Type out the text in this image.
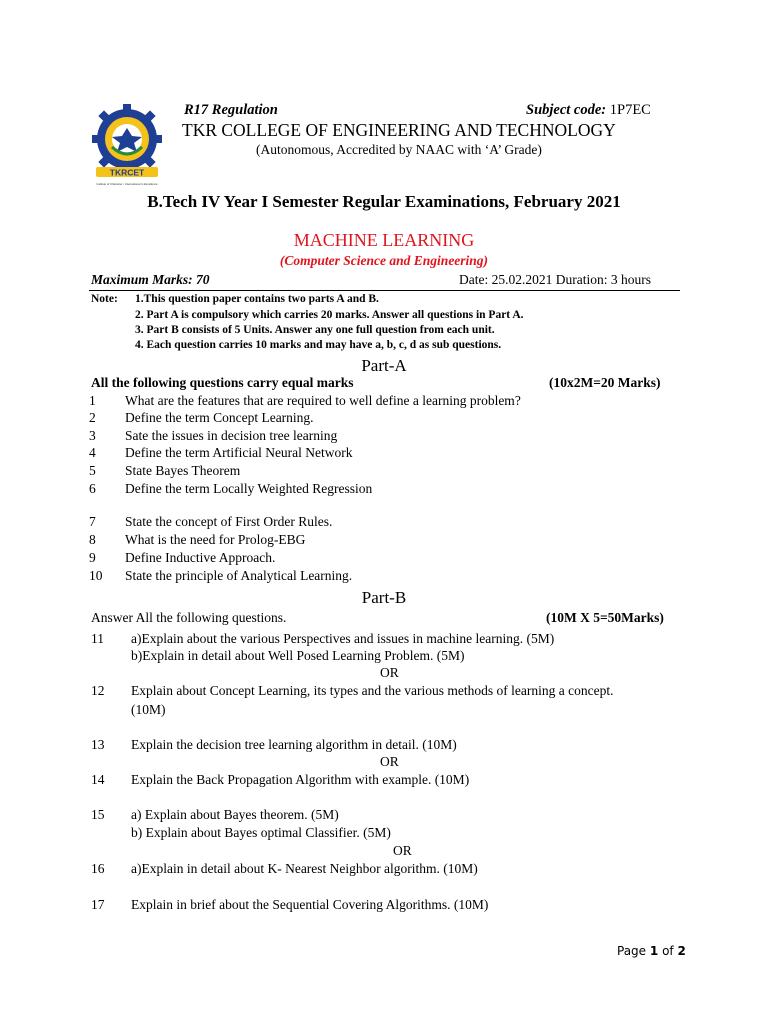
TKRCET
Institute of Character • International in Excellence
R17 Regulation	Subject code: 1P7EC
TKR COLLEGE OF ENGINEERING AND TECHNOLOGY
(Autonomous, Accredited by NAAC with ‘A’ Grade)
B.Tech IV Year I Semester Regular Examinations, February 2021
MACHINE LEARNING
(Computer Science and Engineering)
Maximum Marks: 70	Date: 25.02.2021 Duration: 3 hours
Note: 1.This question paper contains two parts A and B.
2. Part A is compulsory which carries 20 marks. Answer all questions in Part A.
3. Part B consists of 5 Units. Answer any one full question from each unit.
4. Each question carries 10 marks and may have a, b, c, d as sub questions.
Part-A
All the following questions carry equal marks	(10x2M=20 Marks)
1 What are the features that are required to well define a learning problem?
2 Define the term Concept Learning.
3 Sate the issues in decision tree learning
4 Define the term Artificial Neural Network
5 State Bayes Theorem
6 Define the term Locally Weighted Regression
7 State the concept of First Order Rules.
8 What is the need for Prolog-EBG
9 Define Inductive Approach.
10 State the principle of Analytical Learning.
Part-B
Answer All the following questions.	(10M X 5=50Marks)
11 a)Explain about the various Perspectives and issues in machine learning. (5M)
b)Explain in detail about Well Posed Learning Problem. (5M)
OR
12 Explain about Concept Learning, its types and the various methods of learning a concept.
(10M)
13 Explain the decision tree learning algorithm in detail. (10M)
OR
14 Explain the Back Propagation Algorithm with example. (10M)
15 a) Explain about Bayes theorem. (5M)
b) Explain about Bayes optimal Classifier. (5M)
OR
16 a)Explain in detail about K- Nearest Neighbor algorithm. (10M)
17 Explain in brief about the Sequential Covering Algorithms. (10M)
Page 1 of 2
